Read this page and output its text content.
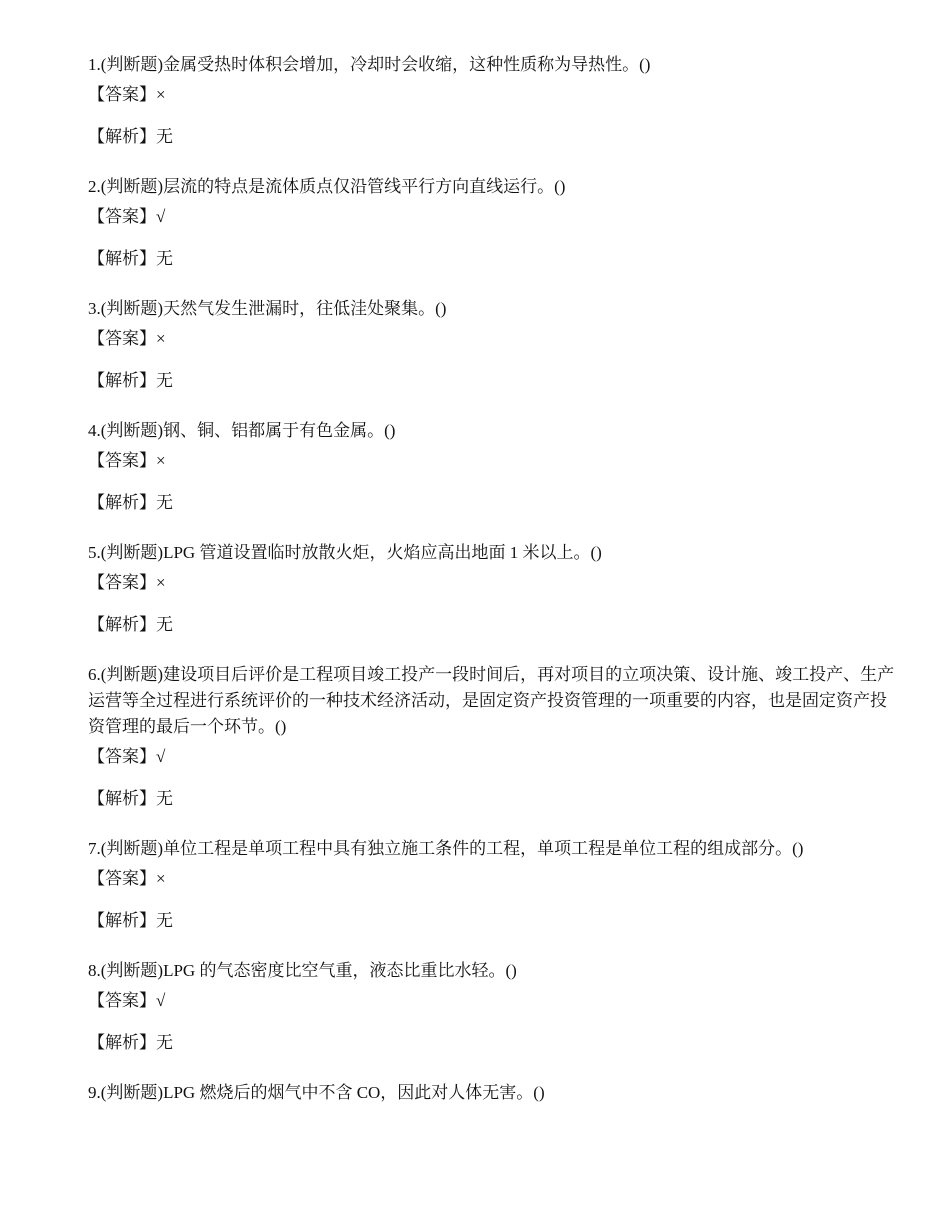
1.(判断题)金属受热时体积会增加，冷却时会收缩，这种性质称为导热性。()

【答案】×

【解析】无

2.(判断题)层流的特点是流体质点仅沿管线平行方向直线运行。()

【答案】√

【解析】无

3.(判断题)天然气发生泄漏时，往低洼处聚集。()

【答案】×

【解析】无

4.(判断题)钢、铜、铝都属于有色金属。()

【答案】×

【解析】无

5.(判断题)LPG 管道设置临时放散火炬，火焰应高出地面 1 米以上。()

【答案】×

【解析】无

6.(判断题)建设项目后评价是工程项目竣工投产一段时间后，再对项目的立项决策、设计施、竣工投产、生产运营等全过程进行系统评价的一种技术经济活动，是固定资产投资管理的一项重要的内容，也是固定资产投资管理的最后一个环节。()

【答案】√

【解析】无

7.(判断题)单位工程是单项工程中具有独立施工条件的工程，单项工程是单位工程的组成部分。()

【答案】×

【解析】无

8.(判断题)LPG 的气态密度比空气重，液态比重比水轻。()

【答案】√

【解析】无

9.(判断题)LPG 燃烧后的烟气中不含 CO，因此对人体无害。()
